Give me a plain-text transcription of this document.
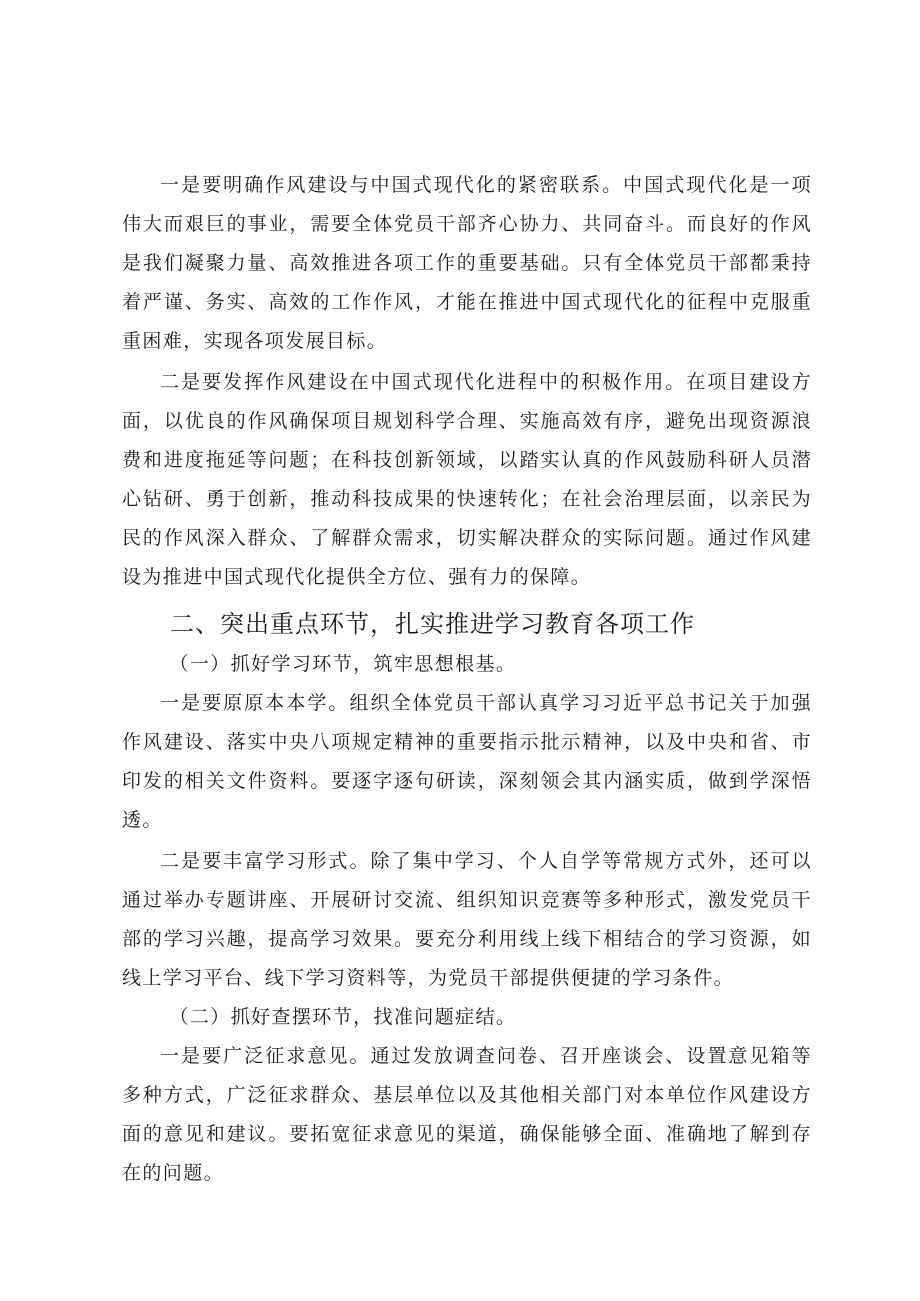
一是要明确作风建设与中国式现代化的紧密联系。中国式现代化是一项伟大而艰巨的事业，需要全体党员干部齐心协力、共同奋斗。而良好的作风是我们凝聚力量、高效推进各项工作的重要基础。只有全体党员干部都秉持着严谨、务实、高效的工作作风，才能在推进中国式现代化的征程中克服重重困难，实现各项发展目标。

二是要发挥作风建设在中国式现代化进程中的积极作用。在项目建设方面，以优良的作风确保项目规划科学合理、实施高效有序，避免出现资源浪费和进度拖延等问题；在科技创新领域，以踏实认真的作风鼓励科研人员潜心钻研、勇于创新，推动科技成果的快速转化；在社会治理层面，以亲民为民的作风深入群众、了解群众需求，切实解决群众的实际问题。通过作风建设为推进中国式现代化提供全方位、强有力的保障。

二、突出重点环节，扎实推进学习教育各项工作

（一）抓好学习环节，筑牢思想根基。

一是要原原本本学。组织全体党员干部认真学习习近平总书记关于加强作风建设、落实中央八项规定精神的重要指示批示精神，以及中央和省、市印发的相关文件资料。要逐字逐句研读，深刻领会其内涵实质，做到学深悟透。

二是要丰富学习形式。除了集中学习、个人自学等常规方式外，还可以通过举办专题讲座、开展研讨交流、组织知识竞赛等多种形式，激发党员干部的学习兴趣，提高学习效果。要充分利用线上线下相结合的学习资源，如线上学习平台、线下学习资料等，为党员干部提供便捷的学习条件。

（二）抓好查摆环节，找准问题症结。

一是要广泛征求意见。通过发放调查问卷、召开座谈会、设置意见箱等多种方式，广泛征求群众、基层单位以及其他相关部门对本单位作风建设方面的意见和建议。要拓宽征求意见的渠道，确保能够全面、准确地了解到存在的问题。
